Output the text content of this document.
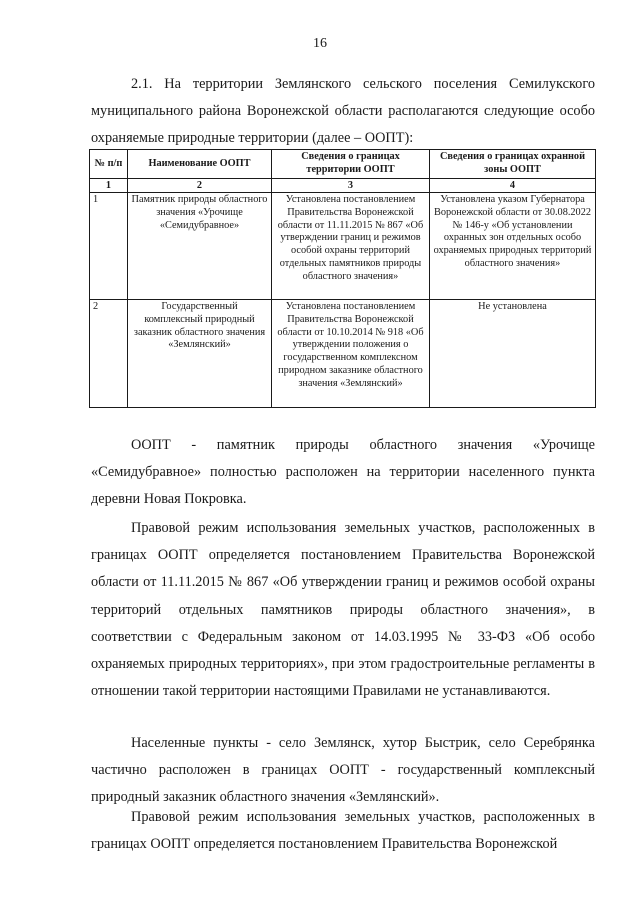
16

2.1. На территории Землянского сельского поселения Семилукского муниципального района Воронежской области располагаются следующие особо охраняемые природные территории (далее – ООПТ):

№ п/п	Наименование ООПТ	Сведения о границах территории ООПТ	Сведения о границах охранной зоны ООПТ
1	2	3	4
1	Памятник природы областного значения «Урочище «Семидубравное»	Установлена постановлением Правительства Воронежской области от 11.11.2015 № 867 «Об утверждении границ и режимов особой охраны территорий отдельных памятников природы областного значения»	Установлена указом Губернатора Воронежской области от 30.08.2022 № 146-у «Об установлении охранных зон отдельных особо охраняемых природных территорий областного значения»
2	Государственный комплексный природный заказник областного значения «Землянский»	Установлена постановлением Правительства Воронежской области от 10.10.2014 № 918 «Об утверждении положения о государственном комплексном природном заказнике областного значения «Землянский»	Не установлена

ООПТ - памятник природы областного значения «Урочище «Семидубравное» полностью расположен на территории населенного пункта деревни Новая Покровка.

Правовой режим использования земельных участков, расположенных в границах ООПТ определяется постановлением Правительства Воронежской области от 11.11.2015 № 867 «Об утверждении границ и режимов особой охраны территорий отдельных памятников природы областного значения», в соответствии с Федеральным законом от 14.03.1995 № 33-ФЗ «Об особо охраняемых природных территориях», при этом градостроительные регламенты в отношении такой территории настоящими Правилами не устанавливаются.

Населенные пункты - село Землянск, хутор Быстрик, село Серебрянка частично расположен в границах ООПТ - государственный комплексный природный заказник областного значения «Землянский».

Правовой режим использования земельных участков, расположенных в границах ООПТ определяется постановлением Правительства Воронежской
